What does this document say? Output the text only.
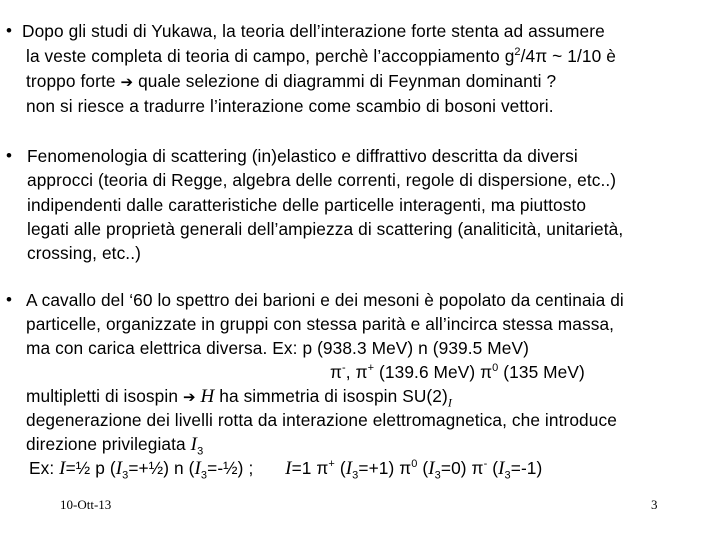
• Dopo gli studi di Yukawa, la teoria dell’interazione forte stenta ad assumere
la veste completa di teoria di campo, perchè l’accoppiamento $g^2/4\pi$ ~ 1/10 è
troppo forte ➔ quale selezione di diagrammi di Feynman dominanti ?
non si riesce a tradurre l’interazione come scambio di bosoni vettori.
• Fenomenologia di scattering (in)elastico e diffrattivo descritta da diversi
approcci (teoria di Regge, algebra delle correnti, regole di dispersione, etc..)
indipendenti dalle caratteristiche delle particelle interagenti, ma piuttosto
legati alle proprietà generali dell’ampiezza di scattering (analiticità, unitarietà,
crossing, etc..)
• A cavallo del ‘60 lo spettro dei barioni e dei mesoni è popolato da centinaia di
particelle, organizzate in gruppi con stessa parità e all’incirca stessa massa,
ma con carica elettrica diversa. Ex: p (938.3 MeV) n (939.5 MeV)
π-, π+ (139.6 MeV) $\pi^0$ (135 MeV)
multipletti di isospin ➔ H ha simmetria di isospin $SU(2)_I$
degenerazione dei livelli rotta da interazione elettromagnetica, che introduce
direzione privilegiata $I_3$
Ex: I=½ p $(I_3=+\frac{1}{2})$ n $(I_3=-\frac{1}{2})$ ; I=1 π+ $(I_3=+1)$ $\pi^0$ $(I_3=0)$ π- $(I_3=-1)$
10-Ott-13	3
